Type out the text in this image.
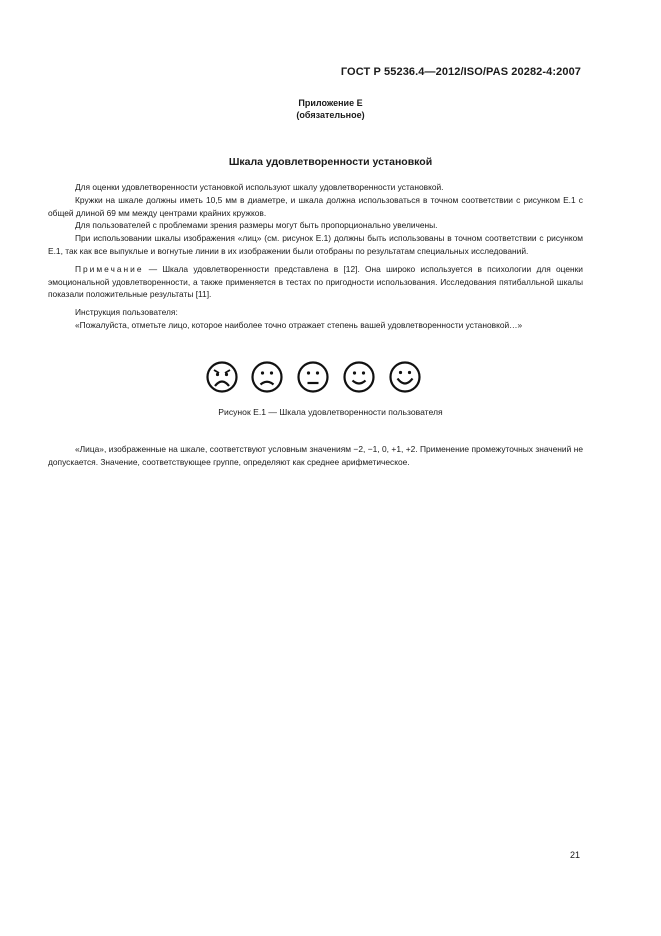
ГОСТ Р 55236.4—2012/ISO/PAS 20282-4:2007
Приложение Е
(обязательное)
Шкала удовлетворенности установкой

Для оценки удовлетворенности установкой используют шкалу удовлетворенности установкой.

Кружки на шкале должны иметь 10,5 мм в диаметре, и шкала должна использоваться в точном соответствии с рисунком Е.1 с общей длиной 69 мм между центрами крайних кружков.

Для пользователей с проблемами зрения размеры могут быть пропорционально увеличены.

При использовании шкалы изображения «лиц» (см. рисунок Е.1) должны быть использованы в точном соответствии с рисунком Е.1, так как все выпуклые и вогнутые линии в их изображении были отобраны по результатам специальных исследований.

Примечание — Шкала удовлетворенности представлена в [12]. Она широко используется в психологии для оценки эмоциональной удовлетворенности, а также применяется в тестах по пригодности использования. Исследования пятибалльной шкалы показали положительные результаты [11].

Инструкция пользователя:

«Пожалуйста, отметьте лицо, которое наиболее точно отражает степень вашей удовлетворенности установкой…»

Рисунок Е.1 — Шкала удовлетворенности пользователя

«Лица», изображенные на шкале, соответствуют условным значениям −2, −1, 0, +1, +2. Применение промежуточных значений не допускается. Значение, соответствующее группе, определяют как среднее арифметическое.

21
